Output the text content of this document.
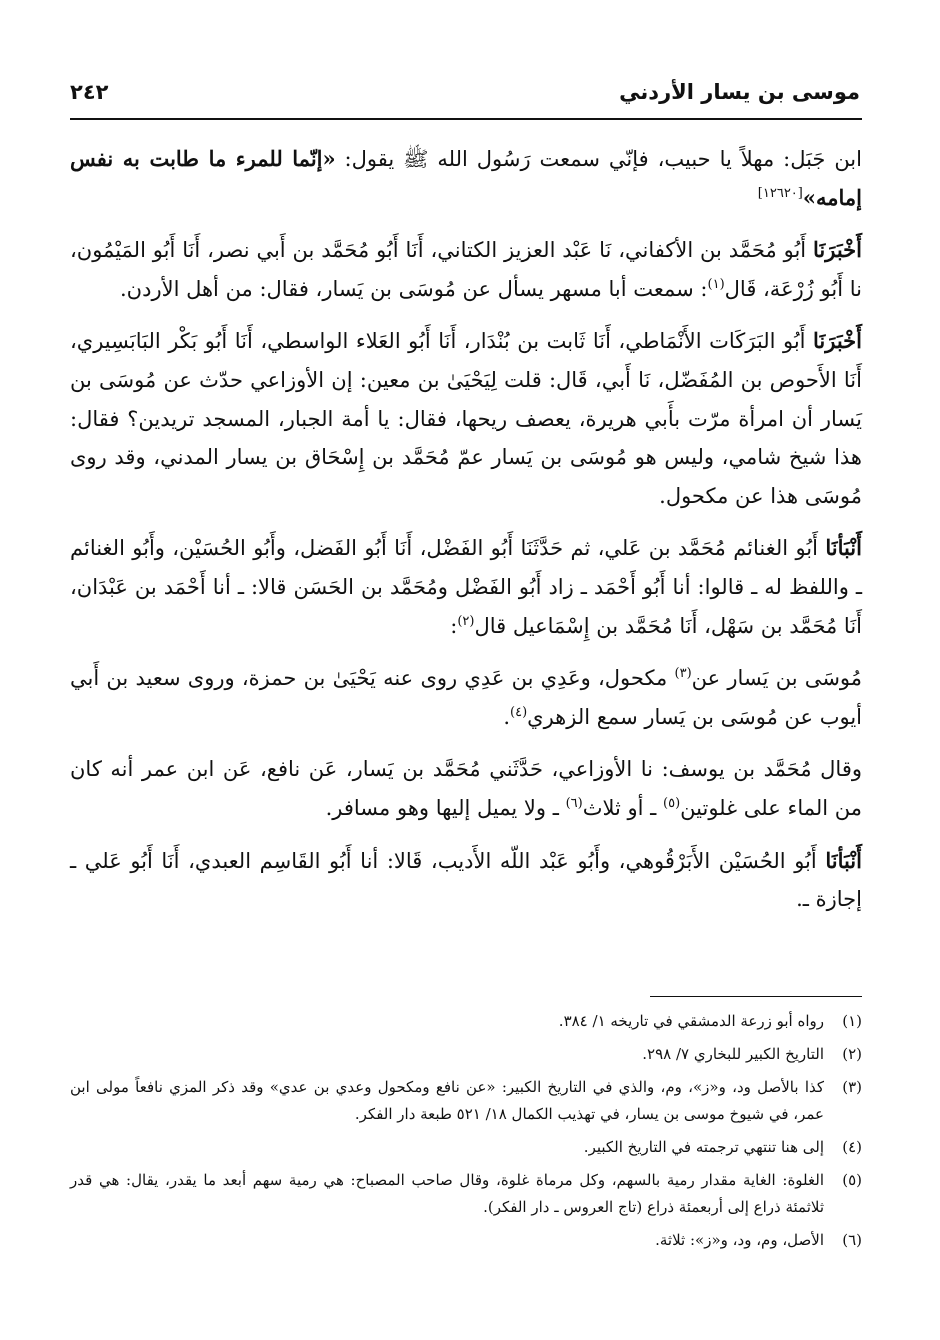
موسى بن يسار الأردني
٢٤٢

ابن جَبَل: مهلاً يا حبيب، فإنّي سمعت رَسُول الله ﷺ يقول: «إنّما للمرء ما طابت به نفس إمامه»[١٢٦٢٠]

أَخْبَرَنَا أَبُو مُحَمَّد بن الأكفاني، نَا عَبْد العزيز الكتاني، أَنَا أَبُو مُحَمَّد بن أَبي نصر، أَنَا أَبُو المَيْمُون، نا أَبُو زُرْعَة، قَال$^{(١)}$: سمعت أبا مسهر يسأل عن مُوسَى بن يَسار، فقال: من أهل الأردن.

أَخْبَرَنَا أَبُو البَرَكَات الأَنْمَاطي، أَنَا ثَابت بن بُنْدَار، أَنَا أَبُو العَلاء الواسطي، أَنَا أَبُو بَكْر البَابَسِيري، أَنَا الأَحوص بن المُفَضّل، نَا أَبي، قَال: قلت لِيَحْيَىٰ بن معين: إن الأوزاعي حدّث عن مُوسَى بن يَسار أن امرأة مرّت بأَبي هريرة، يعصف ريحها، فقال: يا أمة الجبار، المسجد تريدين؟ فقال: هذا شيخ شامي، وليس هو مُوسَى بن يَسار عمّ مُحَمَّد بن إِسْحَاق بن يسار المدني، وقد روى مُوسَى هذا عن مكحول.

أَنْبَأنَا أَبُو الغنائم مُحَمَّد بن عَلي، ثم حَدَّثَنَا أَبُو الفَضْل، أَنَا أَبُو الفَضل، وأَبُو الحُسَيْن، وأَبُو الغنائم ـ واللفظ له ـ قالوا: أنا أَبُو أَحْمَد ـ زاد أَبُو الفَضْل ومُحَمَّد بن الحَسَن قالا: ـ أنا أَحْمَد بن عَبْدَان، أَنَا مُحَمَّد بن سَهْل، أَنَا مُحَمَّد بن إِسْمَاعيل قال$^{(٢)}$:

مُوسَى بن يَسار عن$^{(٣)}$ مكحول، وعَدِي بن عَدِي روى عنه يَحْيَىٰ بن حمزة، وروى سعيد بن أَبي أيوب عن مُوسَى بن يَسار سمع الزهري$^{(٤)}$.

وقال مُحَمَّد بن يوسف: نا الأوزاعي، حَدَّثَني مُحَمَّد بن يَسار، عَن نافع، عَن ابن عمر أنه كان من الماء على غلوتين$^{(٥)}$ ـ أو ثلاث$^{(٦)}$ ـ ولا يميل إليها وهو مسافر.

أَنْبَأنَا أَبُو الحُسَيْن الأَبَرْقُوهي، وأَبُو عَبْد اللّه الأَديب، قَالا: أنا أَبُو القَاسِم العبدي، أَنَا أَبُو عَلي ـ إجازة ـ.

(١)
رواه أبو زرعة الدمشقي في تاريخه ١/ ٣٨٤.
(٢)
التاريخ الكبير للبخاري ٧/ ٢٩٨.
(٣)
كذا بالأصل ود، و«ز»، وم، والذي في التاريخ الكبير: «عن نافع ومكحول وعدي بن عدي» وقد ذكر المزي نافعاً مولى ابن عمر، في شيوخ موسى بن يسار، في تهذيب الكمال ١٨/ ٥٢١ طبعة دار الفكر.
(٤)
إلى هنا تنتهي ترجمته في التاريخ الكبير.
(٥)
الغلوة: الغاية مقدار رمية بالسهم، وكل مرماة غلوة، وقال صاحب المصباح: هي رمية سهم أبعد ما يقدر، يقال: هي قدر ثلاثمئة ذراع إلى أربعمئة ذراع (تاج العروس ـ دار الفكر).
(٦)
الأصل، وم، ود، و«ز»: ثلاثة.
